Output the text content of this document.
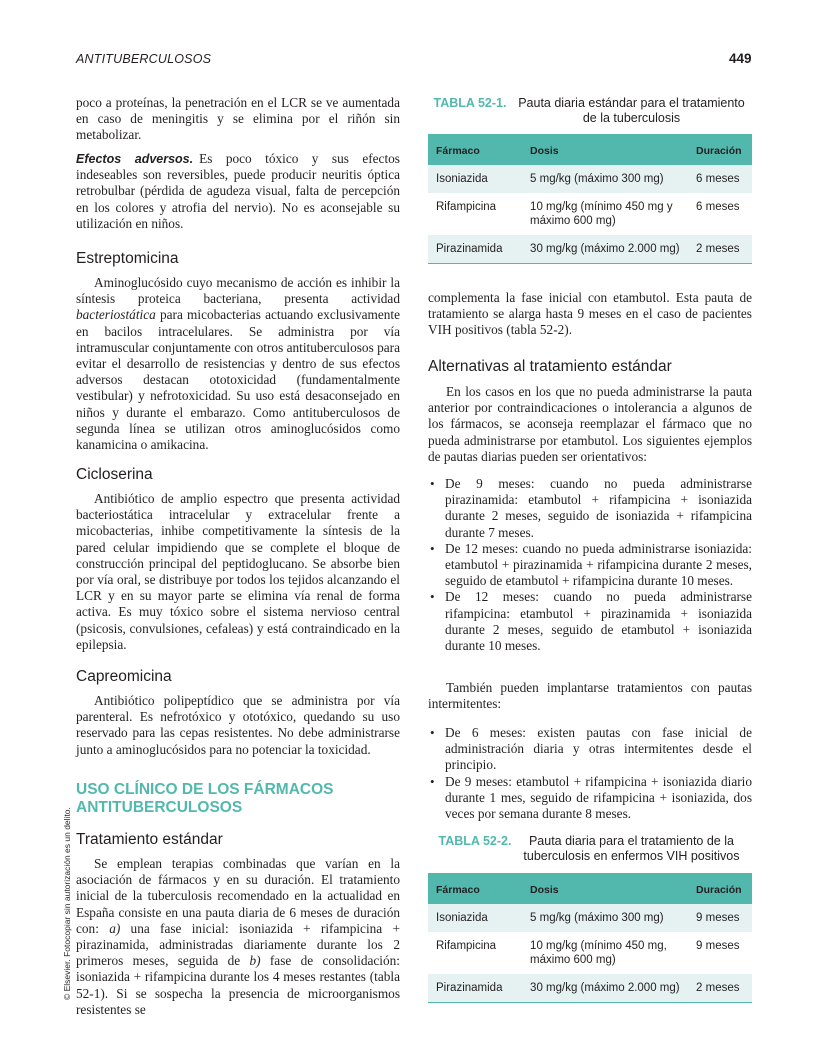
ANTITUBERCULOSOS	449
© Elsevier. Fotocopiar sin autorización es un delito.

poco a proteínas, la penetración en el LCR se ve aumentada en caso de meningitis y se elimina por el riñón sin metabolizar.

Efectos adversos. Es poco tóxico y sus efectos indeseables son reversibles, puede producir neuritis óptica retrobulbar (pérdida de agudeza visual, falta de percepción en los colores y atrofia del nervio). No es aconsejable su utilización en niños.

Estreptomicina

Aminoglucósido cuyo mecanismo de acción es inhibir la síntesis proteica bacteriana, presenta actividad bacteriostática para micobacterias actuando exclusivamente en bacilos intracelulares. Se administra por vía intramuscular conjuntamente con otros antituberculosos para evitar el desarrollo de resistencias y dentro de sus efectos adversos destacan ototoxicidad (fundamentalmente vestibular) y nefrotoxicidad. Su uso está desaconsejado en niños y durante el embarazo. Como antituberculosos de segunda línea se utilizan otros aminoglucósidos como kanamicina o amikacina.

Cicloserina

Antibiótico de amplio espectro que presenta actividad bacteriostática intracelular y extracelular frente a micobacterias, inhibe competitivamente la síntesis de la pared celular impidiendo que se complete el bloque de construcción principal del peptidoglucano. Se absorbe bien por vía oral, se distribuye por todos los tejidos alcanzando el LCR y en su mayor parte se elimina vía renal de forma activa. Es muy tóxico sobre el sistema nervioso central (psicosis, convulsiones, cefaleas) y está contraindicado en la epilepsia.

Capreomicina

Antibiótico polipeptídico que se administra por vía parenteral. Es nefrotóxico y ototóxico, quedando su uso reservado para las cepas resistentes. No debe administrarse junto a aminoglucósidos para no potenciar la toxicidad.

USO CLÍNICO DE LOS FÁRMACOS
ANTITUBERCULOSOS
Tratamiento estándar

Se emplean terapias combinadas que varían en la asociación de fármacos y en su duración. El tratamiento inicial de la tuberculosis recomendado en la actualidad en España consiste en una pauta diaria de 6 meses de duración con: a) una fase inicial: isoniazida + rifampicina + pirazinamida, administradas diariamente durante los 2 primeros meses, seguida de b) fase de consolidación: isoniazida + rifampicina durante los 4 meses restantes (tabla 52-1). Si se sospecha la presencia de microorganismos resistentes se

TABLA 52-1. Pauta diaria estándar para el tratamiento de la tuberculosis
Fármaco	Dosis	Duración
Isoniazida	5 mg/kg (máximo 300 mg)	6 meses
Rifampicina	10 mg/kg (mínimo 450 mg y máximo 600 mg)	6 meses
Pirazinamida	30 mg/kg (máximo 2.000 mg)	2 meses

complementa la fase inicial con etambutol. Esta pauta de tratamiento se alarga hasta 9 meses en el caso de pacientes VIH positivos (tabla 52-2).

Alternativas al tratamiento estándar

En los casos en los que no pueda administrarse la pauta anterior por contraindicaciones o intolerancia a algunos de los fármacos, se aconseja reemplazar el fármaco que no pueda administrarse por etambutol. Los siguientes ejemplos de pautas diarias pueden ser orientativos:

• De 9 meses: cuando no pueda administrarse pirazinamida: etambutol + rifampicina + isoniazida durante 2 meses, seguido de isoniazida + rifampicina durante 7 meses.
• De 12 meses: cuando no pueda administrarse isoniazida: etambutol + pirazinamida + rifampicina durante 2 meses, seguido de etambutol + rifampicina durante 10 meses.
• De 12 meses: cuando no pueda administrarse rifampicina: etambutol + pirazinamida + isoniazida durante 2 meses, seguido de etambutol + isoniazida durante 10 meses.

También pueden implantarse tratamientos con pautas intermitentes:

• De 6 meses: existen pautas con fase inicial de administración diaria y otras intermitentes desde el principio.
• De 9 meses: etambutol + rifampicina + isoniazida diario durante 1 mes, seguido de rifampicina + isoniazida, dos veces por semana durante 8 meses.
TABLA 52-2.	Pauta diaria para el tratamiento de la tuberculosis en enfermos VIH positivos
Fármaco	Dosis	Duración
Isoniazida	5 mg/kg (máximo 300 mg)	9 meses
Rifampicina	10 mg/kg (mínimo 450 mg, máximo 600 mg)	9 meses
Pirazinamida	30 mg/kg (máximo 2.000 mg)	2 meses
